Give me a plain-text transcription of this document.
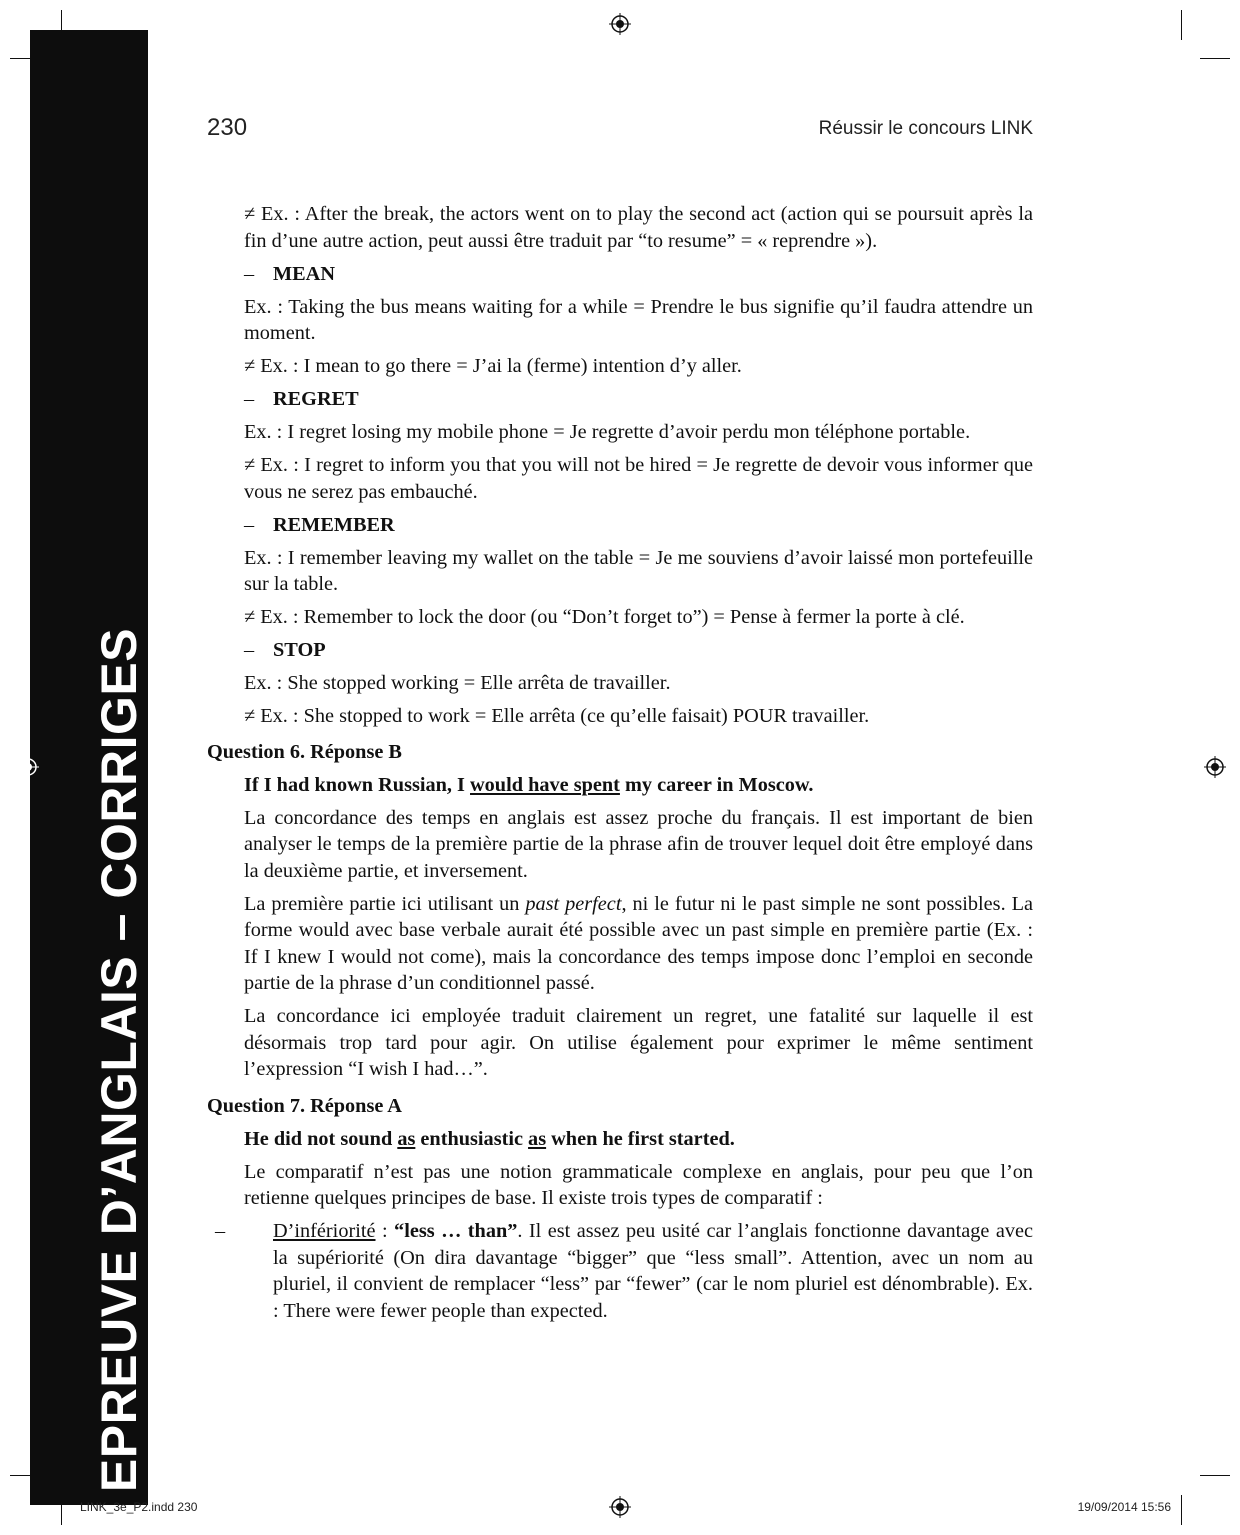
EPREUVE D’ANGLAIS – CORRIGES
230	Réussir le concours LINK

≠ Ex. : After the break, the actors went on to play the second act (action qui se poursuit après la fin d’une autre action, peut aussi être traduit par “to resume” = « reprendre »).

– MEAN

Ex. : Taking the bus means waiting for a while = Prendre le bus signifie qu’il faudra attendre un moment.

≠ Ex. : I mean to go there = J’ai la (ferme) intention d’y aller.

– REGRET

Ex. : I regret losing my mobile phone = Je regrette d’avoir perdu mon téléphone portable.

≠ Ex. : I regret to inform you that you will not be hired = Je regrette de devoir vous informer que vous ne serez pas embauché.

– REMEMBER

Ex. : I remember leaving my wallet on the table = Je me souviens d’avoir laissé mon portefeuille sur la table.

≠ Ex. : Remember to lock the door (ou “Don’t forget to”) = Pense à fermer la porte à clé.

– STOP

Ex. : She stopped working = Elle arrêta de travailler.

≠ Ex. : She stopped to work = Elle arrêta (ce qu’elle faisait) POUR travailler.

Question 6. Réponse B

If I had known Russian, I would have spent my career in Moscow.

La concordance des temps en anglais est assez proche du français. Il est important de bien analyser le temps de la première partie de la phrase afin de trouver lequel doit être employé dans la deuxième partie, et inversement.

La première partie ici utilisant un past perfect, ni le futur ni le past simple ne sont possibles. La forme would avec base verbale aurait été possible avec un past simple en première partie (Ex. : If I knew I would not come), mais la concordance des temps impose donc l’emploi en seconde partie de la phrase d’un conditionnel passé.

La concordance ici employée traduit clairement un regret, une fatalité sur laquelle il est désormais trop tard pour agir. On utilise également pour exprimer le même sentiment l’expression “I wish I had…”.

Question 7. Réponse A

He did not sound as enthusiastic as when he first started.

Le comparatif n’est pas une notion grammaticale complexe en anglais, pour peu que l’on retienne quelques principes de base. Il existe trois types de comparatif :

– D’infériorité : “less … than”. Il est assez peu usité car l’anglais fonctionne davantage avec la supériorité (On dira davantage “bigger” que “less small”. Attention, avec un nom au pluriel, il convient de remplacer “less” par “fewer” (car le nom pluriel est dénombrable). Ex. : There were fewer people than expected.

LINK_3e_P2.indd 230	19/09/2014 15:56
